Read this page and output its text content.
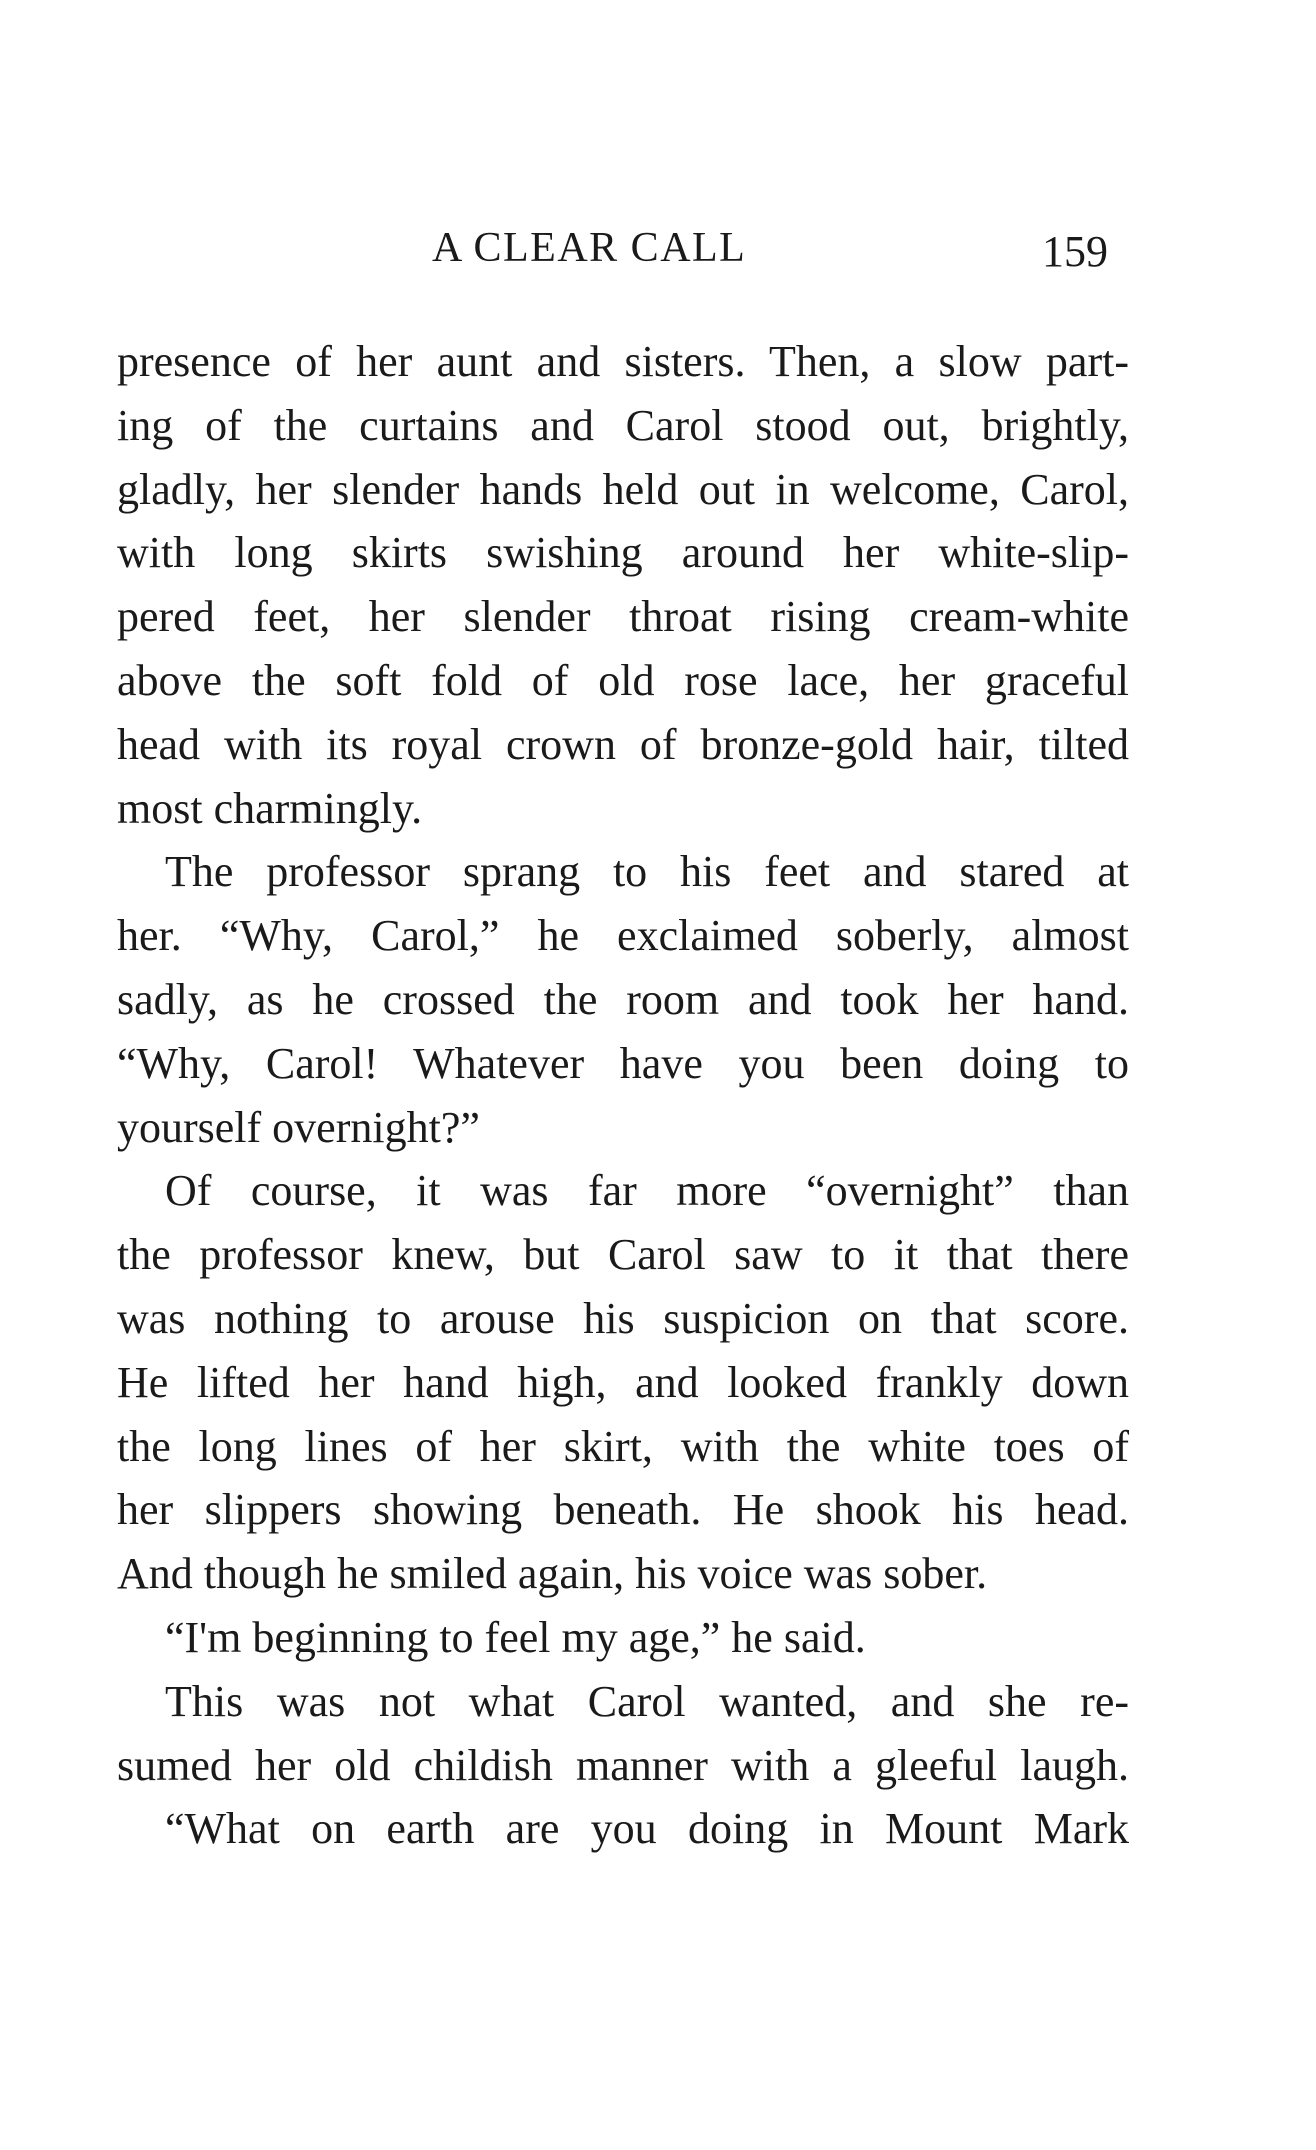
A CLEAR CALL	159
presence of her aunt and sisters. Then, a slow part-
ing of the curtains and Carol stood out, brightly,
gladly, her slender hands held out in welcome, Carol,
with long skirts swishing around her white-slip-
pered feet, her slender throat rising cream-white
above the soft fold of old rose lace, her graceful
head with its royal crown of bronze-gold hair, tilted
most charmingly.
The professor sprang to his feet and stared at
her. “Why, Carol,” he exclaimed soberly, almost
sadly, as he crossed the room and took her hand.
“Why, Carol! Whatever have you been doing to
yourself overnight?”
Of course, it was far more “overnight” than
the professor knew, but Carol saw to it that there
was nothing to arouse his suspicion on that score.
He lifted her hand high, and looked frankly down
the long lines of her skirt, with the white toes of
her slippers showing beneath. He shook his head.
And though he smiled again, his voice was sober.
“I'm beginning to feel my age,” he said.
This was not what Carol wanted, and she re-
sumed her old childish manner with a gleeful laugh.
“What on earth are you doing in Mount Mark
